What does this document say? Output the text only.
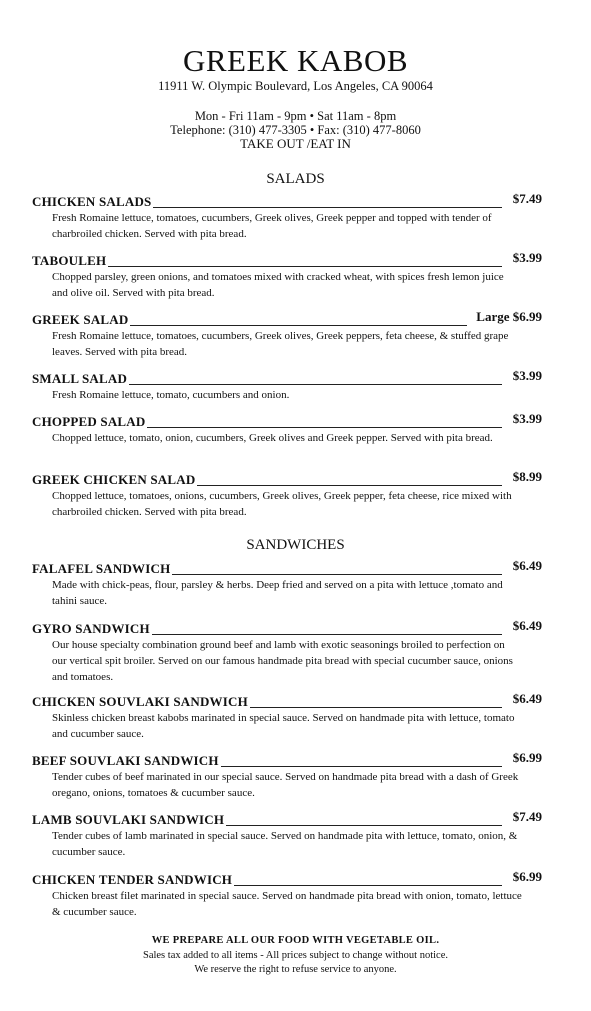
GREEK KABOB
11911 W. Olympic Boulevard, Los Angeles, CA 90064
Mon - Fri 11am - 9pm • Sat 11am - 8pm
Telephone: (310) 477-3305 • Fax: (310) 477-8060
TAKE OUT /EAT IN
SALADS
CHICKEN SALADS	$7.49
Fresh Romaine lettuce, tomatoes, cucumbers, Greek olives, Greek pepper and topped with tender of charbroiled chicken. Served with pita bread.
TABOULEH	$3.99
Chopped parsley, green onions, and tomatoes mixed with cracked wheat, with spices fresh lemon juice and olive oil. Served with pita bread.
GREEK SALAD	Large $6.99
Fresh Romaine lettuce, tomatoes, cucumbers, Greek olives, Greek peppers, feta cheese, & stuffed grape leaves. Served with pita bread.
SMALL SALAD	$3.99
Fresh Romaine lettuce, tomato, cucumbers and onion.
CHOPPED SALAD	$3.99
Chopped lettuce, tomato, onion, cucumbers, Greek olives and Greek pepper. Served with pita bread.
GREEK CHICKEN SALAD	$8.99
Chopped lettuce, tomatoes, onions, cucumbers, Greek olives, Greek pepper, feta cheese, rice mixed with charbroiled chicken. Served with pita bread.
SANDWICHES
FALAFEL SANDWICH	$6.49
Made with chick-peas, flour, parsley & herbs. Deep fried and served on a pita with lettuce ,tomato and tahini sauce.
GYRO SANDWICH	$6.49
Our house specialty combination ground beef and lamb with exotic seasonings broiled to perfection on our vertical spit broiler. Served on our famous handmade pita bread with special cucumber sauce, onions and tomatoes.
CHICKEN SOUVLAKI SANDWICH	$6.49
Skinless chicken breast kabobs marinated in special sauce. Served on handmade pita with lettuce, tomato and cucumber sauce.
BEEF SOUVLAKI SANDWICH	$6.99
Tender cubes of beef marinated in our special sauce. Served on handmade pita bread with a dash of Greek oregano, onions, tomatoes & cucumber sauce.
LAMB SOUVLAKI SANDWICH	$7.49
Tender cubes of lamb marinated in special sauce. Served on handmade pita with lettuce, tomato, onion, & cucumber sauce.
CHICKEN TENDER SANDWICH	$6.99
Chicken breast filet marinated in special sauce. Served on handmade pita bread with onion, tomato, lettuce & cucumber sauce.
WE PREPARE ALL OUR FOOD WITH VEGETABLE OIL.
Sales tax added to all items - All prices subject to change without notice.
We reserve the right to refuse service to anyone.
